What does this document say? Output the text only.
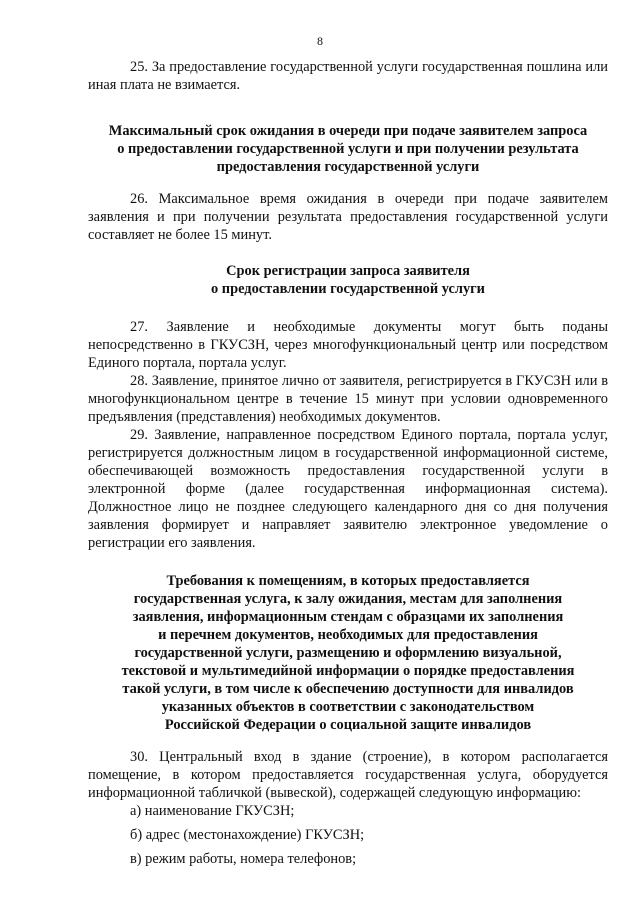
8
25. За предоставление государственной услуги государственная пошлина или иная плата не взимается.
Максимальный срок ожидания в очереди при подаче заявителем запроса
о предоставлении государственной услуги и при получении результата
предоставления государственной услуги
26. Максимальное время ожидания в очереди при подаче заявителем заявления и при получении результата предоставления государственной услуги составляет не более 15 минут.
Срок регистрации запроса заявителя
о предоставлении государственной услуги
27. Заявление и необходимые документы могут быть поданы непосредственно в ГКУСЗН, через многофункциональный центр или посредством Единого портала, портала услуг.
28. Заявление, принятое лично от заявителя, регистрируется в ГКУСЗН или в многофункциональном центре в течение 15 минут при условии одновременного предъявления (представления) необходимых документов.
29. Заявление, направленное посредством Единого портала, портала услуг, регистрируется должностным лицом в государственной информационной системе, обеспечивающей возможность предоставления государственной услуги в электронной форме (далее государственная информационная система). Должностное лицо не позднее следующего календарного дня со дня получения заявления формирует и направляет заявителю электронное уведомление о регистрации его заявления.
Требования к помещениям, в которых предоставляется
государственная услуга, к залу ожидания, местам для заполнения
заявления, информационным стендам с образцами их заполнения
и перечнем документов, необходимых для предоставления
государственной услуги, размещению и оформлению визуальной,
текстовой и мультимедийной информации о порядке предоставления
такой услуги, в том числе к обеспечению доступности для инвалидов
указанных объектов в соответствии с законодательством
Российской Федерации о социальной защите инвалидов
30. Центральный вход в здание (строение), в котором располагается помещение, в котором предоставляется государственная услуга, оборудуется информационной табличкой (вывеской), содержащей следующую информацию:
а) наименование ГКУСЗН;
б) адрес (местонахождение) ГКУСЗН;
в) режим работы, номера телефонов;
